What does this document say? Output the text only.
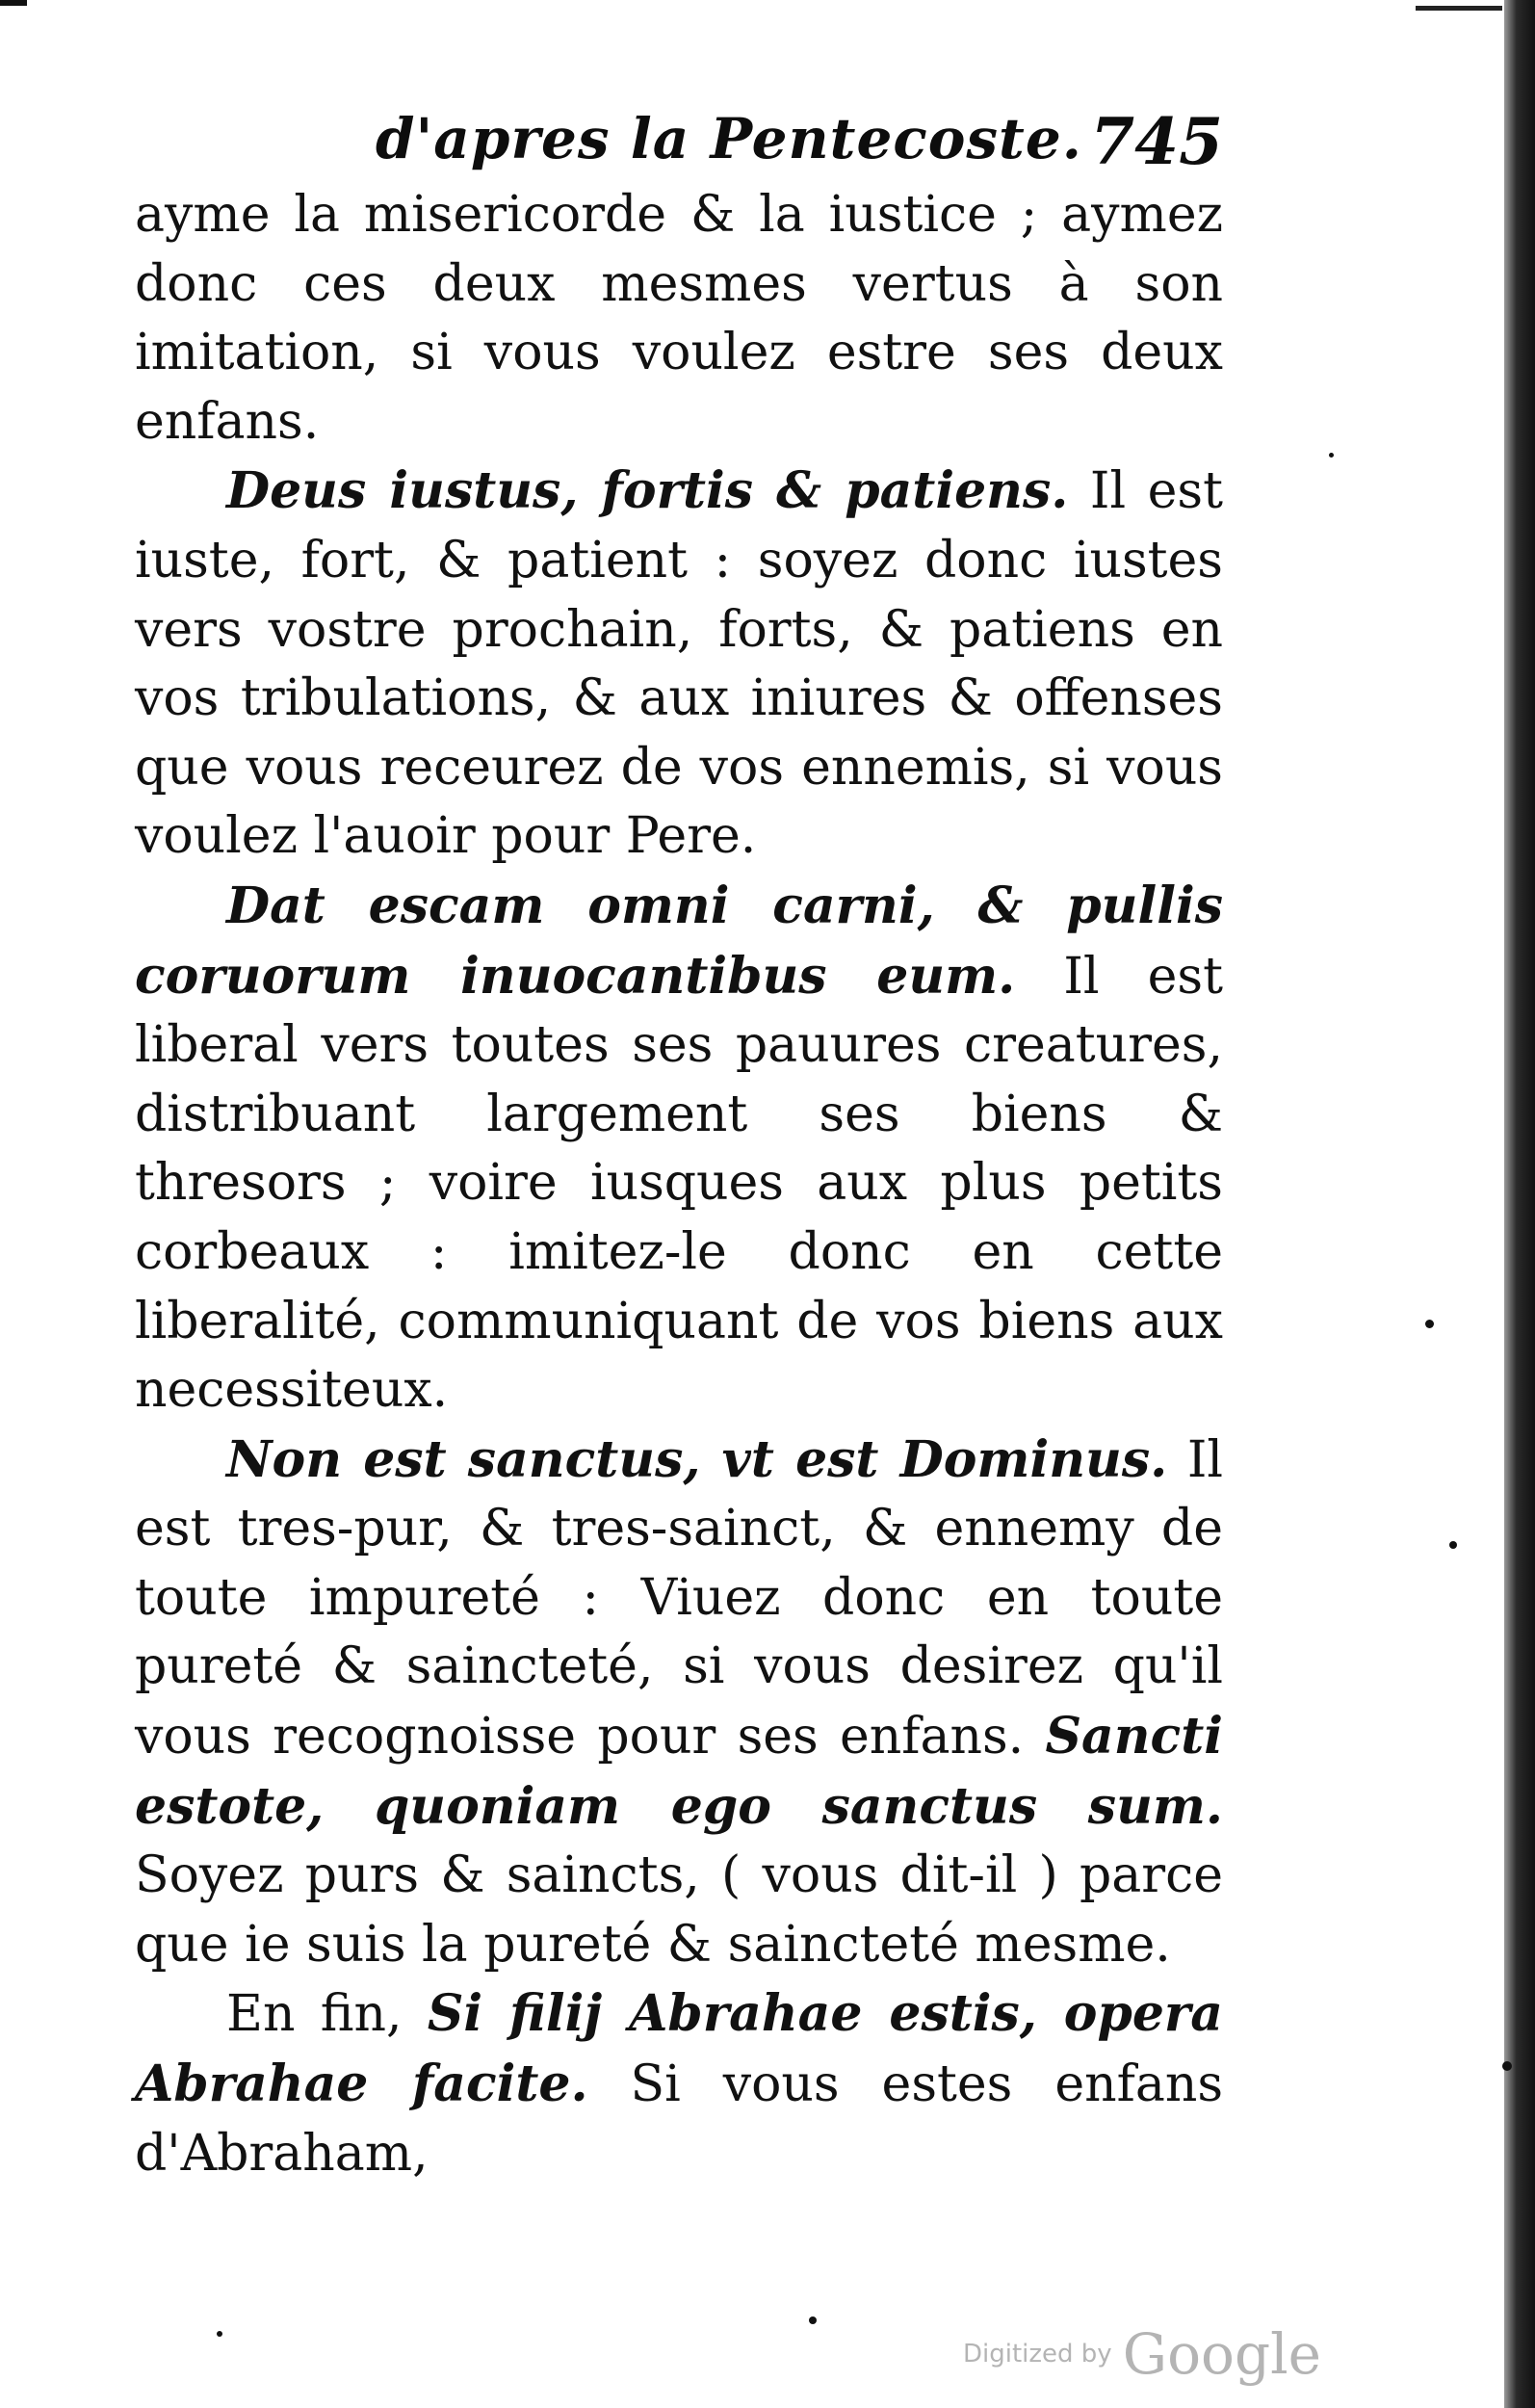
d'apres la Pentecoste. 745

ayme la misericorde & la iustice ; aymez donc ces deux mesmes vertus à son imitation, si vous voulez estre ses deux enfans.

Deus iustus, fortis & patiens. Il est iuste, fort, & patient : soyez donc iustes vers vostre prochain, forts, & patiens en vos tribulations, & aux iniures & offenses que vous receurez de vos ennemis, si vous voulez l'auoir pour Pere.

Dat escam omni carni, & pullis coruorum inuocantibus eum. Il est liberal vers toutes ses pauures creatures, distribuant largement ses biens & thresors ; voire iusques aux plus petits corbeaux : imitez-le donc en cette liberalité, communiquant de vos biens aux necessiteux.

Non est sanctus, vt est Dominus. Il est tres-pur, & tres-sainct, & ennemy de toute impureté : Viuez donc en toute pureté & saincteté, si vous desirez qu'il vous recognoisse pour ses enfans. Sancti estote, quoniam ego sanctus sum. Soyez purs & saincts, ( vous dit-il ) parce que ie suis la pureté & saincteté mesme.

En fin, Si filij Abrahae estis, opera Abrahae facite. Si vous estes enfans d'Abraham,

Digitized by Google
